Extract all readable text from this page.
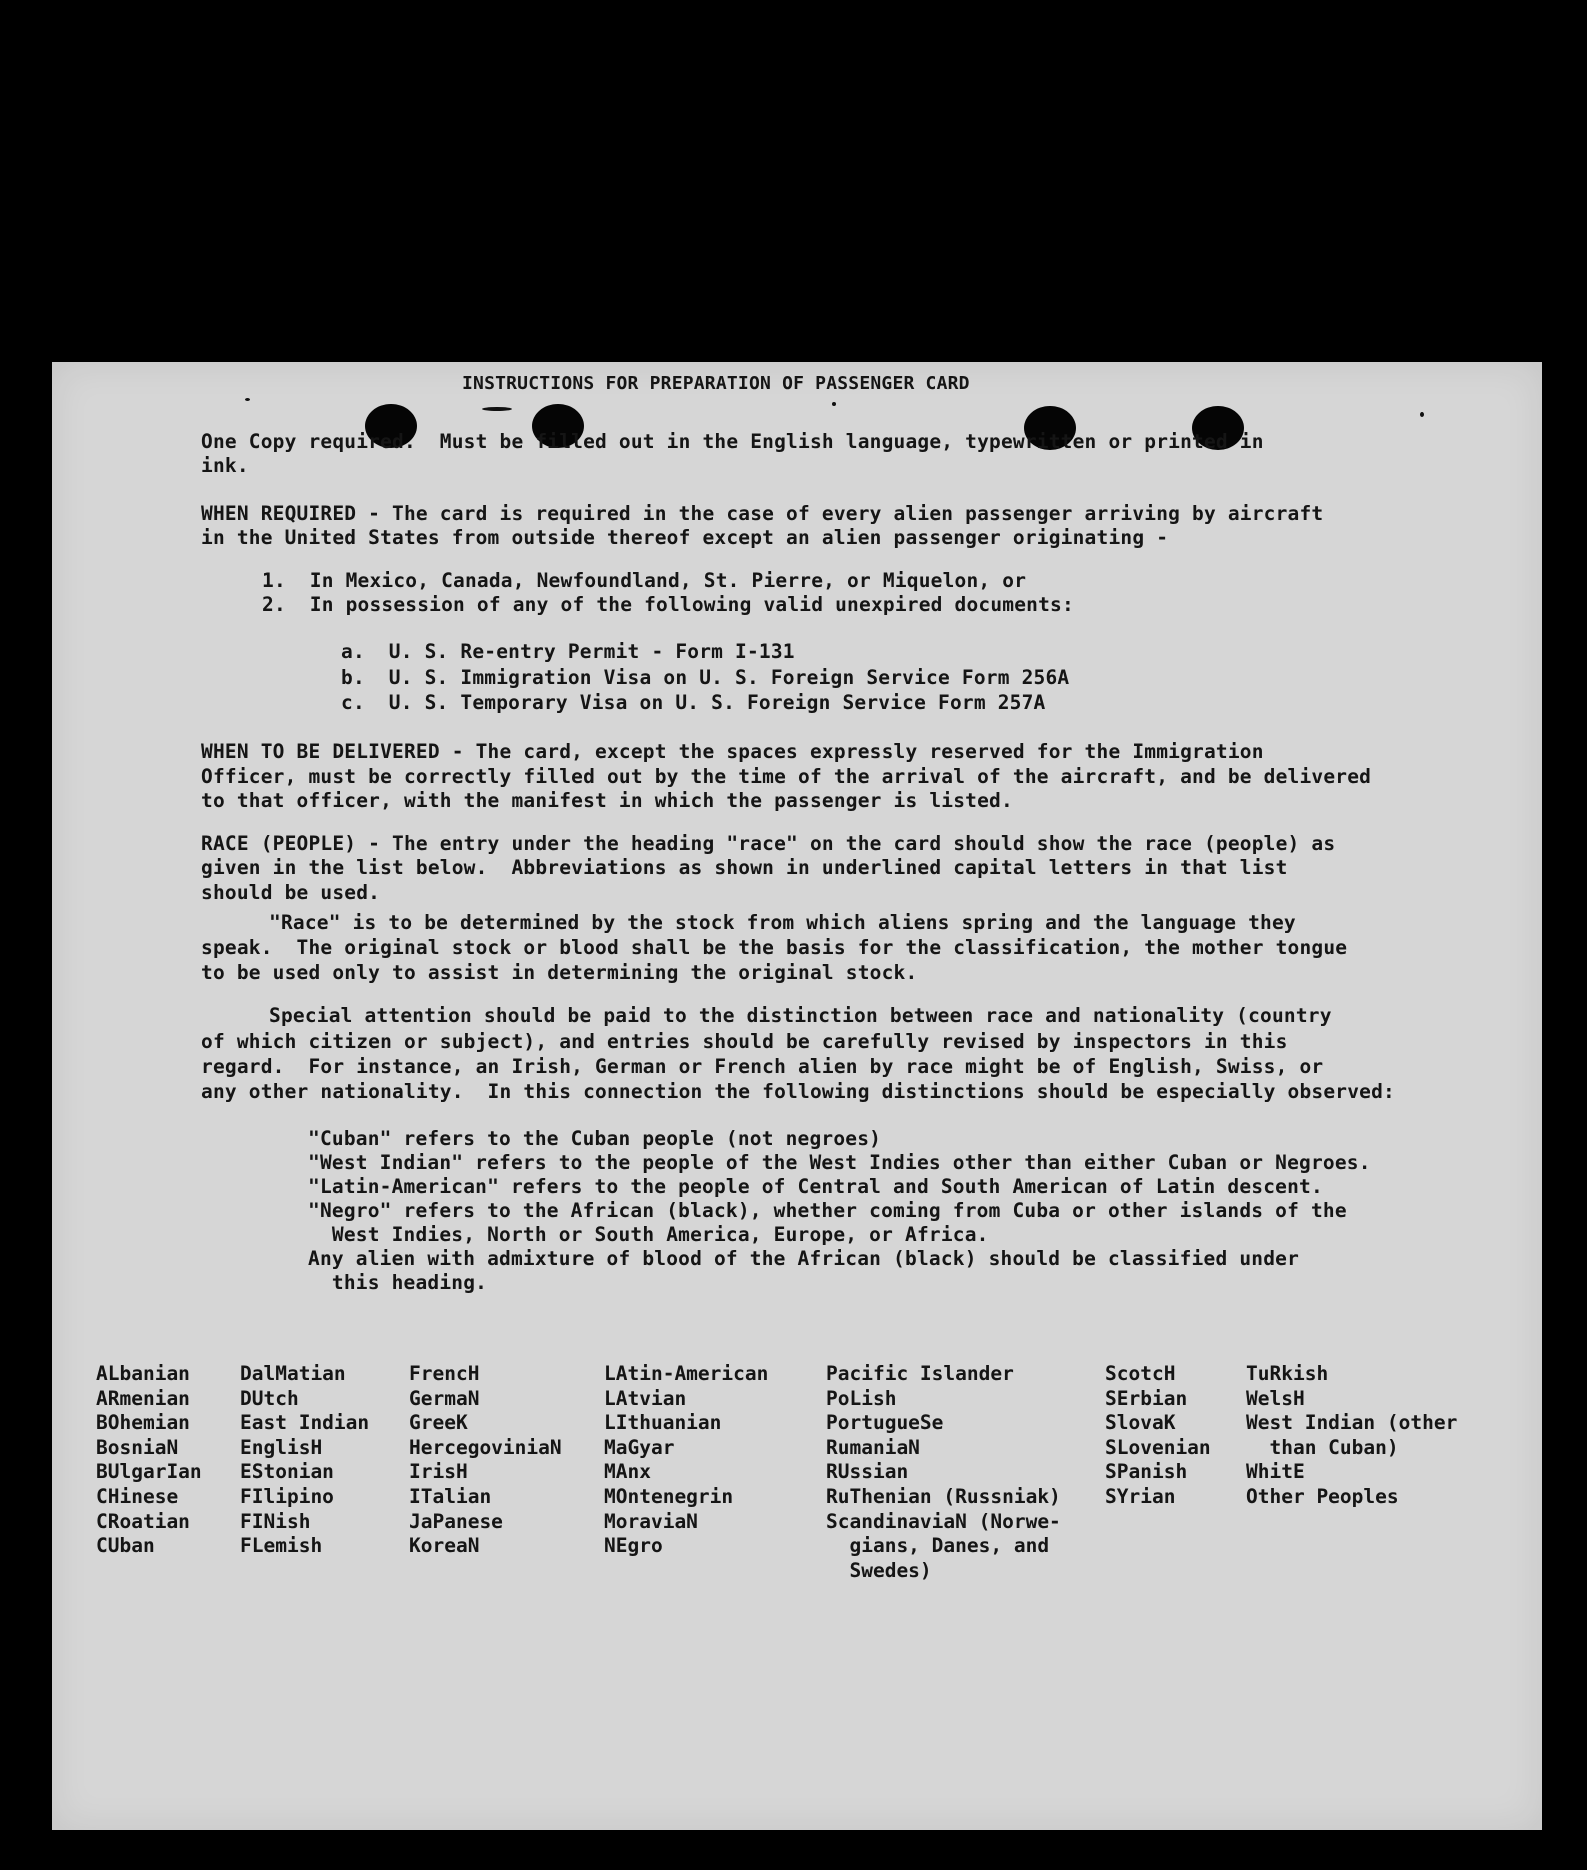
INSTRUCTIONS FOR PREPARATION OF PASSENGER CARD
One Copy required.  Must be filled out in the English language, typewritten or printed in
ink.
WHEN REQUIRED - The card is required in the case of every alien passenger arriving by aircraft
in the United States from outside thereof except an alien passenger originating -
1.  In Mexico, Canada, Newfoundland, St. Pierre, or Miquelon, or
2.  In possession of any of the following valid unexpired documents:
a.  U. S. Re-entry Permit - Form I-131
b.  U. S. Immigration Visa on U. S. Foreign Service Form 256A
c.  U. S. Temporary Visa on U. S. Foreign Service Form 257A
WHEN TO BE DELIVERED - The card, except the spaces expressly reserved for the Immigration
Officer, must be correctly filled out by the time of the arrival of the aircraft, and be delivered
to that officer, with the manifest in which the passenger is listed.
RACE (PEOPLE) - The entry under the heading "race" on the card should show the race (people) as
given in the list below.  Abbreviations as shown in underlined capital letters in that list
should be used.
"Race" is to be determined by the stock from which aliens spring and the language they
speak.  The original stock or blood shall be the basis for the classification, the mother tongue
to be used only to assist in determining the original stock.
Special attention should be paid to the distinction between race and nationality (country
of which citizen or subject), and entries should be carefully revised by inspectors in this
regard.  For instance, an Irish, German or French alien by race might be of English, Swiss, or
any other nationality.  In this connection the following distinctions should be especially observed:
"Cuban" refers to the Cuban people (not negroes)
"West Indian" refers to the people of the West Indies other than either Cuban or Negroes.
"Latin-American" refers to the people of Central and South American of Latin descent.
"Negro" refers to the African (black), whether coming from Cuba or other islands of the
West Indies, North or South America, Europe, or Africa.
Any alien with admixture of blood of the African (black) should be classified under
this heading.
ALbanian
ARmenian
BOhemian
BosniaN
BUlgarIan
CHinese
CRoatian
CUban
DalMatian
DUtch
East Indian
EnglisH
EStonian
FIlipino
FINish
FLemish
FrencH
GermaN
GreeK
HercegoviniaN
IrisH
ITalian
JaPanese
KoreaN
LAtin-American
LAtvian
LIthuanian
MaGyar
MAnx
MOntenegrin
MoraviaN
NEgro
Pacific Islander
PoLish
PortugueSe
RumaniaN
RUssian
RuThenian (Russniak)
ScandinaviaN (Norwe-
gians, Danes, and
Swedes)
ScotcH
SErbian
SlovaK
SLovenian
SPanish
SYrian
TuRkish
WelsH
West Indian (other
than Cuban)
WhitE
Other Peoples
